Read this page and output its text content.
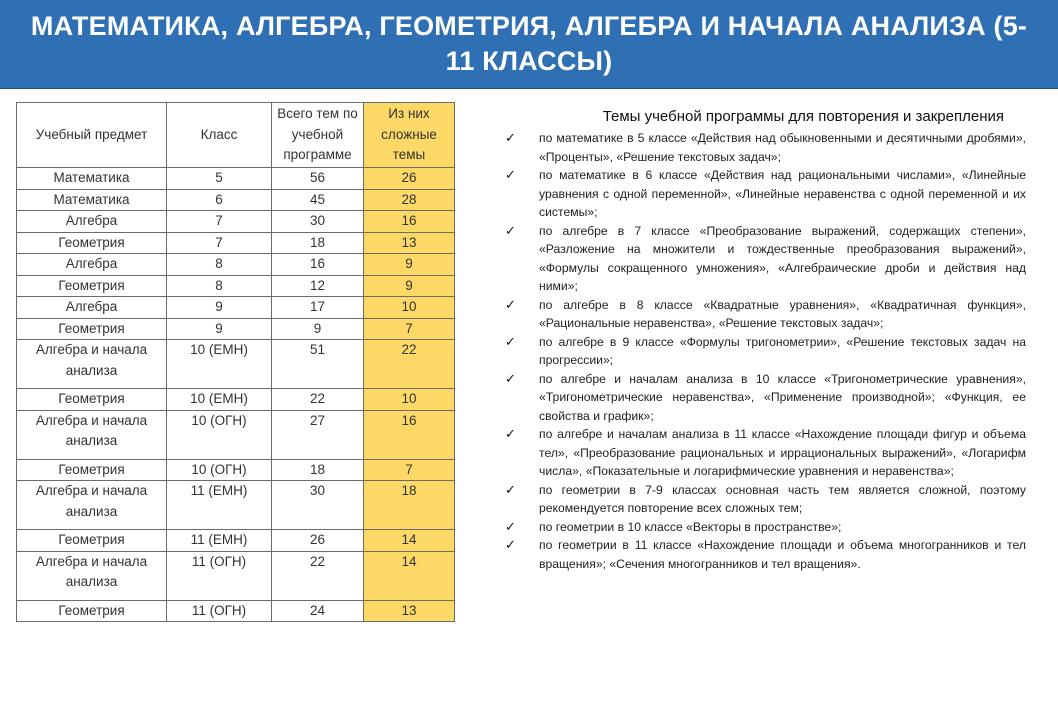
МАТЕМАТИКА, АЛГЕБРА, ГЕОМЕТРИЯ, АЛГЕБРА И НАЧАЛА АНАЛИЗА (5-11 КЛАССЫ)
Учебный предмет	Класс	Всего тем по учебной программе	Из них сложные темы
Математика	5	56	26
Математика	6	45	28
Алгебра	7	30	16
Геометрия	7	18	13
Алгебра	8	16	9
Геометрия	8	12	9
Алгебра	9	17	10
Геометрия	9	9	7
Алгебра и начала анализа	10 (ЕМН)	51	22
Геометрия	10 (ЕМН)	22	10
Алгебра и начала анализа	10 (ОГН)	27	16
Геометрия	10 (ОГН)	18	7
Алгебра и начала анализа	11 (ЕМН)	30	18
Геометрия	11 (ЕМН)	26	14
Алгебра и начала анализа	11 (ОГН)	22	14
Геометрия	11 (ОГН)	24	13
Темы учебной программы для повторения и закрепления
✓ по математике в 5 классе «Действия над обыкновенными и десятичными дробями», «Проценты», «Решение текстовых задач»;
✓ по математике в 6 классе «Действия над рациональными числами», «Линейные уравнения с одной переменной», «Линейные неравенства с одной переменной и их системы»;
✓ по алгебре в 7 классе «Преобразование выражений, содержащих степени», «Разложение на множители и тождественные преобразования выражений», «Формулы сокращенного умножения», «Алгебраические дроби и действия над ними»;
✓ по алгебре в 8 классе «Квадратные уравнения», «Квадратичная функция», «Рациональные неравенства», «Решение текстовых задач»;
✓ по алгебре в 9 классе «Формулы тригонометрии», «Решение текстовых задач на прогрессии»;
✓ по алгебре и началам анализа в 10 классе «Тригонометрические уравнения», «Тригонометрические неравенства», «Применение производной»; «Функция, ее свойства и график»;
✓ по алгебре и началам анализа в 11 классе «Нахождение площади фигур и объема тел», «Преобразование рациональных и иррациональных выражений», «Логарифм числа», «Показательные и логарифмические уравнения и неравенства»;
✓ по геометрии в 7-9 классах основная часть тем является сложной, поэтому рекомендуется повторение всех сложных тем;
✓ по геометрии в 10 классе «Векторы в пространстве»;
✓ по геометрии в 11 классе «Нахождение площади и объема многогранников и тел вращения»; «Сечения многогранников и тел вращения».
